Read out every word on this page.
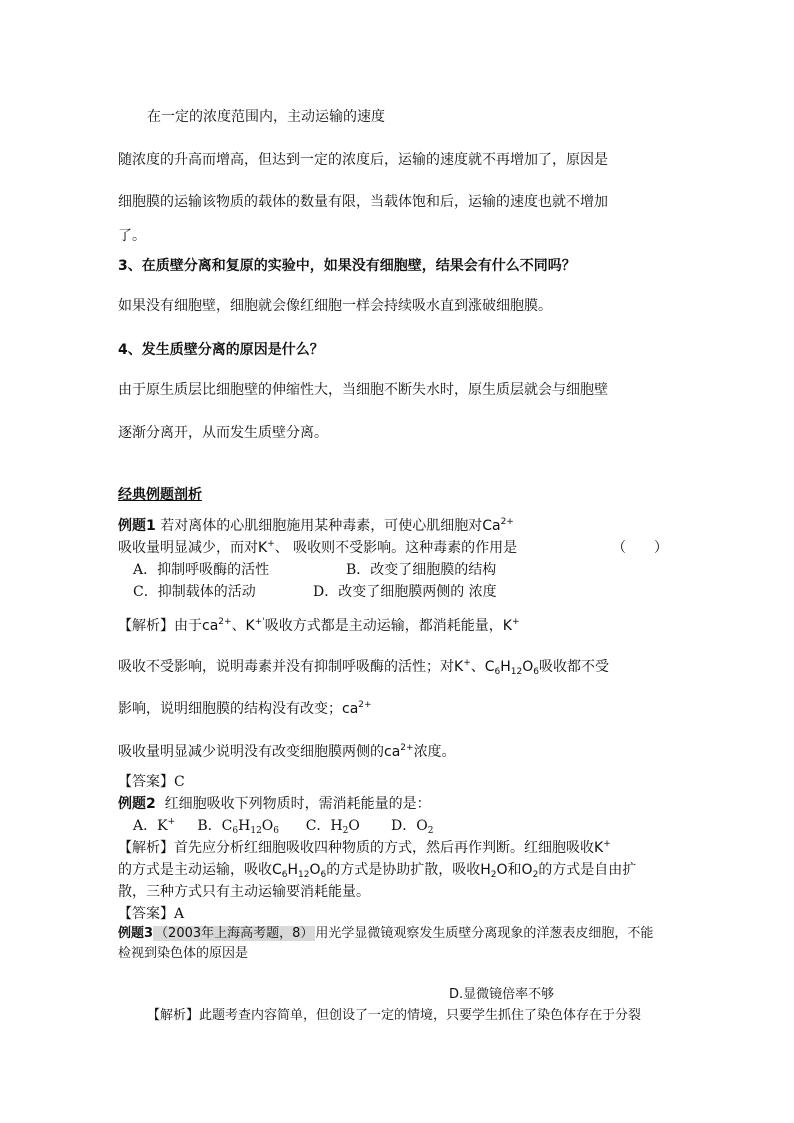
在一定的浓度范围内，主动运输的速度
随浓度的升高而增高，但达到一定的浓度后，运输的速度就不再增加了，原因是
细胞膜的运输该物质的载体的数量有限，当载体饱和后，运输的速度也就不增加
了。
3、在质壁分离和复原的实验中，如果没有细胞壁，结果会有什么不同吗？
如果没有细胞壁，细胞就会像红细胞一样会持续吸水直到涨破细胞膜。
4、发生质壁分离的原因是什么？
由于原生质层比细胞壁的伸缩性大，当细胞不断失水时，原生质层就会与细胞壁
逐渐分离开，从而发生质壁分离。
经典例题剖析
例题1 若对离体的心肌细胞施用某种毒素，可使心肌细胞对$Ca^{2+}$
吸收量明显减少，而对K+、 吸收则不受影响。这种毒素的作用是	（　　）
A．抑制呼吸酶的活性	B．改变了细胞膜的结构
C．抑制载体的活动	D．改变了细胞膜两侧的 浓度
【解析】由于$ca^{2+}$、K+'吸收方式都是主动运输，都消耗能量，K+
吸收不受影响，说明毒素并没有抑制呼吸酶的活性；对K+、$C_6H_{12}O_6$吸收都不受
影响，说明细胞膜的结构没有改变；$ca^{2+}$
吸收量明显减少说明没有改变细胞膜两侧的$ca^{2+}$浓度。
【答案】C
例题2 红细胞吸收下列物质时，需消耗能量的是：
A．K+ B．$C_6H_{12}O_6$ C．$H_2O$ D．$O_2$
【解析】首先应分析红细胞吸收四种物质的方式，然后再作判断。红细胞吸收K+
的方式是主动运输，吸收$C_6H_{12}O_6$的方式是协助扩散，吸收$H_2O$和$O_2$的方式是自由扩
散，三种方式只有主动运输要消耗能量。
【答案】A
例题3 （2003年上海高考题，8） 用光学显微镜观察发生质壁分离现象的洋葱表皮细胞，不能
检视到染色体的原因是
D.显微镜倍率不够
【解析】此题考查内容简单，但创设了一定的情境，只要学生抓住了染色体存在于分裂
